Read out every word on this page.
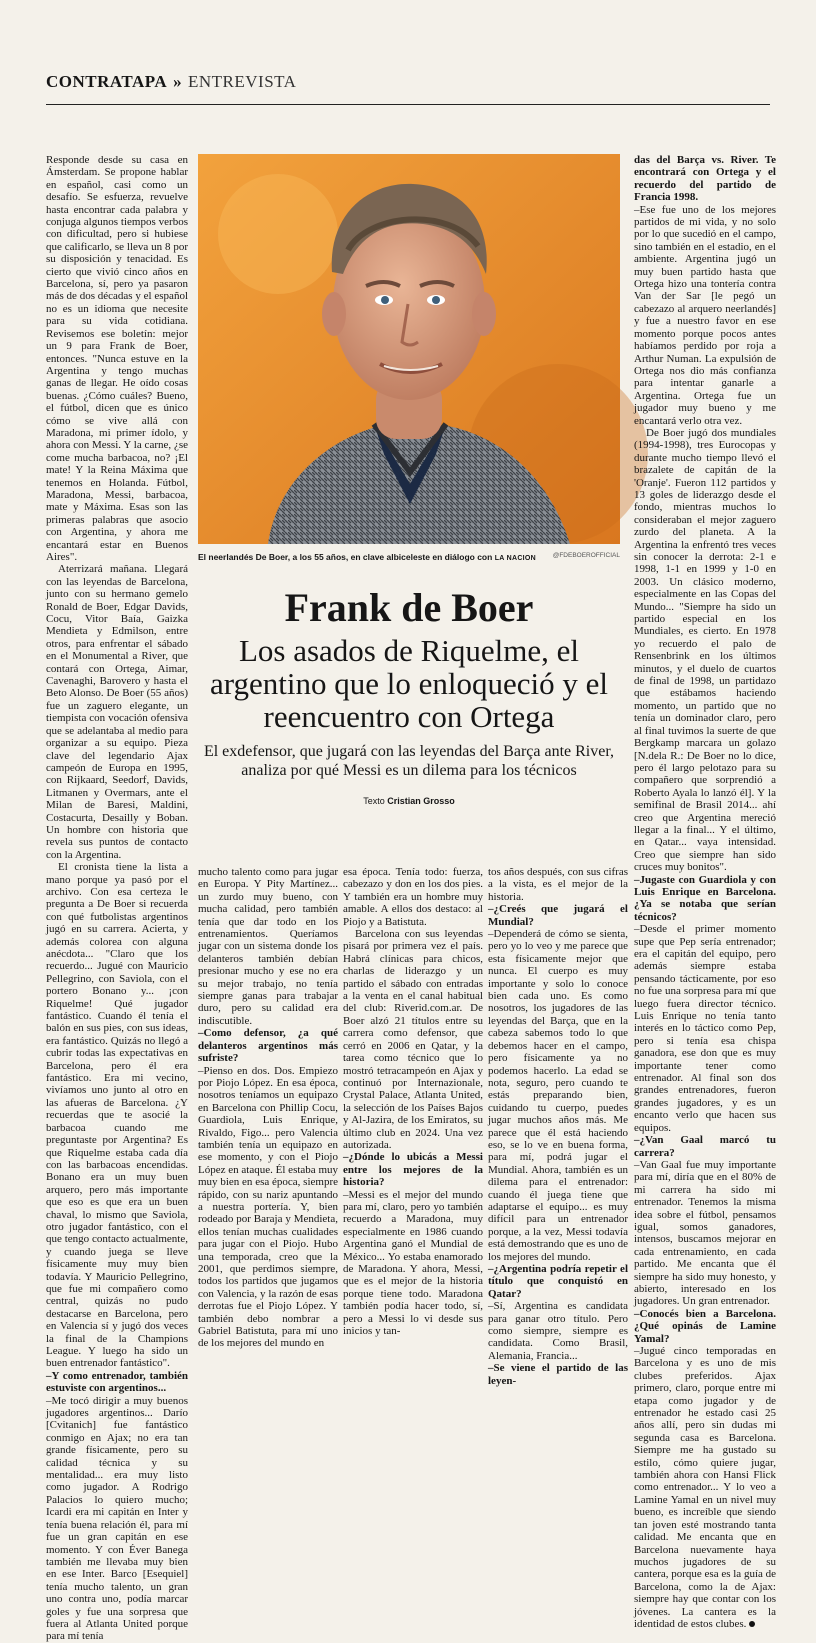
CONTRATAPA » ENTREVISTA

Responde desde su casa en Ámsterdam. Se propone hablar en español, casi como un desafío. Se esfuerza, revuelve hasta encontrar cada palabra y conjuga algunos tiempos verbos con dificultad, pero si hubiese que calificarlo, se lleva un 8 por su disposición y tenacidad. Es cierto que vivió cinco años en Barcelona, sí, pero ya pasaron más de dos décadas y el español no es un idioma que necesite para su vida cotidiana. Revisemos ese boletín: mejor un 9 para Frank de Boer, entonces. "Nunca estuve en la Argentina y tengo muchas ganas de llegar. He oído cosas buenas. ¿Cómo cuáles? Bueno, el fútbol, dicen que es único cómo se vive allá con Maradona, mi primer ídolo, y ahora con Messi. Y la carne, ¿se come mucha barbacoa, no? ¡El mate! Y la Reina Máxima que tenemos en Holanda. Fútbol, Maradona, Messi, barbacoa, mate y Máxima. Esas son las primeras palabras que asocio con Argentina, y ahora me encantará estar en Buenos Aires".

Aterrizará mañana. Llegará con las leyendas de Barcelona, junto con su hermano gemelo Ronald de Boer, Edgar Davids, Cocu, Vitor Baía, Gaizka Mendieta y Edmilson, entre otros, para enfrentar el sábado en el Monumental a River, que contará con Ortega, Aimar, Cavenaghi, Barovero y hasta el Beto Alonso. De Boer (55 años) fue un zaguero elegante, un tiempista con vocación ofensiva que se adelantaba al medio para organizar a su equipo. Pieza clave del legendario Ajax campeón de Europa en 1995, con Rijkaard, Seedorf, Davids, Litmanen y Overmars, ante el Milan de Baresi, Maldini, Costacurta, Desailly y Boban. Un hombre con historia que revela sus puntos de contacto con la Argentina.

El cronista tiene la lista a mano porque ya pasó por el archivo. Con esa certeza le pregunta a De Boer si recuerda con qué futbolistas argentinos jugó en su carrera. Acierta, y además colorea con alguna anécdota... "Claro que los recuerdo... Jugué con Mauricio Pellegrino, con Saviola, con el portero Bonano y... ¡con Riquelme! Qué jugador fantástico. Cuando él tenía el balón en sus pies, con sus ideas, era fantástico. Quizás no llegó a cubrir todas las expectativas en Barcelona, pero él era fantástico. Era mi vecino, vivíamos uno junto al otro en las afueras de Barcelona. ¿Y recuerdas que te asocié la barbacoa cuando me preguntaste por Argentina? Es que Riquelme estaba cada día con las barbacoas encendidas. Bonano era un muy buen arquero, pero más importante que eso es que era un buen chaval, lo mismo que Saviola, otro jugador fantástico, con el que tengo contacto actualmente, y cuando juega se lleve físicamente muy muy bien todavía. Y Mauricio Pellegrino, que fue mi compañero como central, quizás no pudo destacarse en Barcelona, pero en Valencia sí y jugó dos veces la final de la Champions League. Y luego ha sido un buen entrenador fantástico".

–Y como entrenador, también estuviste con argentinos...

–Me tocó dirigir a muy buenos jugadores argentinos... Darío [Cvitanich] fue fantástico conmigo en Ajax; no era tan grande físicamente, pero su calidad técnica y su mentalidad... era muy listo como jugador. A Rodrigo Palacios lo quiero mucho; Icardi era mi capitán en Inter y tenía buena relación él, para mí fue un gran capitán en ese momento. Y con Éver Banega también me llevaba muy bien en ese Inter. Barco [Esequiel] tenía mucho talento, un gran uno contra uno, podía marcar goles y fue una sorpresa que fuera al Atlanta United porque para mí tenía

El neerlandés De Boer, a los 55 años, en clave albiceleste en diálogo con LA NACION	@FDEBOEROFFICIAL
Frank de Boer
Los asados de Riquelme, el argentino que lo enloqueció y el reencuentro con Ortega
El exdefensor, que jugará con las leyendas del Barça ante River, analiza por qué Messi es un dilema para los técnicos
Texto Cristian Grosso

mucho talento como para jugar en Europa. Y Pity Martínez... un zurdo muy bueno, con mucha calidad, pero también tenía que dar todo en los entrenamientos. Queríamos jugar con un sistema donde los delanteros también debían presionar mucho y ese no era su mejor trabajo, no tenía siempre ganas para trabajar duro, pero su calidad era indiscutible.

–Como defensor, ¿a qué delanteros argentinos más sufriste?

–Pienso en dos. Dos. Empiezo por Piojo López. En esa época, nosotros teníamos un equipazo en Barcelona con Phillip Cocu, Guardiola, Luis Enrique, Rivaldo, Figo... pero Valencia también tenía un equipazo en ese momento, y con el Piojo López en ataque. Él estaba muy muy bien en esa época, siempre rápido, con su nariz apuntando a nuestra portería. Y, bien rodeado por Baraja y Mendieta, ellos tenían muchas cualidades para jugar con el Piojo. Hubo una temporada, creo que la 2001, que perdimos siempre, todos los partidos que jugamos con Valencia, y la razón de esas derrotas fue el Piojo López. Y también debo nombrar a Gabriel Batistuta, para mí uno de los mejores del mundo en

esa época. Tenía todo: fuerza, cabezazo y don en los dos pies. Y también era un hombre muy amable. A ellos dos destaco: al Piojo y a Batistuta.

Barcelona con sus leyendas pisará por primera vez el país. Habrá clínicas para chicos, charlas de liderazgo y un partido el sábado con entradas a la venta en el canal habitual del club: Riverid.com.ar. De Boer alzó 21 títulos entre su carrera como defensor, que cerró en 2006 en Qatar, y la tarea como técnico que lo mostró tetracampeón en Ajax y continuó por Internazionale, Crystal Palace, Atlanta United, la selección de los Países Bajos y Al-Jazira, de los Emiratos, su último club en 2024. Una vez autorizada.

–¿Dónde lo ubicás a Messi entre los mejores de la historia?

–Messi es el mejor del mundo para mí, claro, pero yo también recuerdo a Maradona, muy especialmente en 1986 cuando Argentina ganó el Mundial de México... Yo estaba enamorado de Maradona. Y ahora, Messi, que es el mejor de la historia porque tiene todo. Maradona también podía hacer todo, sí, pero a Messi lo vi desde sus inicios y tan-

tos años después, con sus cifras a la vista, es el mejor de la historia.

–¿Creés que jugará el Mundial?

–Dependerá de cómo se sienta, pero yo lo veo y me parece que esta físicamente mejor que nunca. El cuerpo es muy importante y solo lo conoce bien cada uno. Es como nosotros, los jugadores de las leyendas del Barça, que en la cabeza sabemos todo lo que debemos hacer en el campo, pero físicamente ya no podemos hacerlo. La edad se nota, seguro, pero cuando te estás preparando bien, cuidando tu cuerpo, puedes jugar muchos años más. Me parece que él está haciendo eso, se lo ve en buena forma, para mí, podrá jugar el Mundial. Ahora, también es un dilema para el entrenador: cuando él juega tiene que adaptarse el equipo... es muy difícil para un entrenador porque, a la vez, Messi todavía está demostrando que es uno de los mejores del mundo.

–¿Argentina podría repetir el título que conquistó en Qatar?

–Sí, Argentina es candidata para ganar otro título. Pero como siempre, siempre es candidata. Como Brasil, Alemania, Francia...

–Se viene el partido de las leyen-

das del Barça vs. River. Te encontrará con Ortega y el recuerdo del partido de Francia 1998.

–Ese fue uno de los mejores partidos de mi vida, y no solo por lo que sucedió en el campo, sino también en el estadio, en el ambiente. Argentina jugó un muy buen partido hasta que Ortega hizo una tontería contra Van der Sar [le pegó un cabezazo al arquero neerlandés] y fue a nuestro favor en ese momento porque pocos antes habíamos perdido por roja a Arthur Numan. La expulsión de Ortega nos dio más confianza para intentar ganarle a Argentina. Ortega fue un jugador muy bueno y me encantará verlo otra vez.

De Boer jugó dos mundiales (1994-1998), tres Eurocopas y durante mucho tiempo llevó el brazalete de capitán de la 'Oranje'. Fueron 112 partidos y 13 goles de liderazgo desde el fondo, mientras muchos lo consideraban el mejor zaguero zurdo del planeta. A la Argentina la enfrentó tres veces sin conocer la derrota: 2-1 e 1998, 1-1 en 1999 y 1-0 en 2003. Un clásico moderno, especialmente en las Copas del Mundo... "Siempre ha sido un partido especial en los Mundiales, es cierto. En 1978 yo recuerdo el palo de Rensenbrink en los últimos minutos, y el duelo de cuartos de final de 1998, un partidazo que estábamos haciendo momento, un partido que no tenía un dominador claro, pero al final tuvimos la suerte de que Bergkamp marcara un golazo [N.dela R.: De Boer no lo dice, pero él largo pelotazo para su compañero que sorprendió a Roberto Ayala lo lanzó él]. Y la semifinal de Brasil 2014... ahí creo que Argentina mereció llegar a la final... Y el último, en Qatar... vaya intensidad. Creo que siempre han sido cruces muy bonitos".

–Jugaste con Guardiola y con Luis Enrique en Barcelona. ¿Ya se notaba que serían técnicos?

–Desde el primer momento supe que Pep sería entrenador; era el capitán del equipo, pero además siempre estaba pensando tácticamente, por eso no fue una sorpresa para mí que luego fuera director técnico. Luis Enrique no tenía tanto interés en lo táctico como Pep, pero si tenía esa chispa ganadora, ese don que es muy importante tener como entrenador. Al final son dos grandes entrenadores, fueron grandes jugadores, y es un encanto verlo que hacen sus equipos.

–¿Van Gaal marcó tu carrera?

–Van Gaal fue muy importante para mí, diría que en el 80% de mi carrera ha sido mi entrenador. Tenemos la misma idea sobre el fútbol, pensamos igual, somos ganadores, intensos, buscamos mejorar en cada entrenamiento, en cada partido. Me encanta que él siempre ha sido muy honesto, y abierto, interesado en los jugadores. Un gran entrenador.

–Conocés bien a Barcelona. ¿Qué opinás de Lamine Yamal?

–Jugué cinco temporadas en Barcelona y es uno de mis clubes preferidos. Ajax primero, claro, porque entre mi etapa como jugador y de entrenador he estado casi 25 años allí, pero sin dudas mi segunda casa es Barcelona. Siempre me ha gustado su estilo, cómo quiere jugar, también ahora con Hansi Flick como entrenador... Y lo veo a Lamine Yamal en un nivel muy bueno, es increíble que siendo tan joven esté mostrando tanta calidad. Me encanta que en Barcelona nuevamente haya muchos jugadores de su cantera, porque esa es la guía de Barcelona, como la de Ajax: siempre hay que contar con los jóvenes. La cantera es la identidad de estos clubes.
